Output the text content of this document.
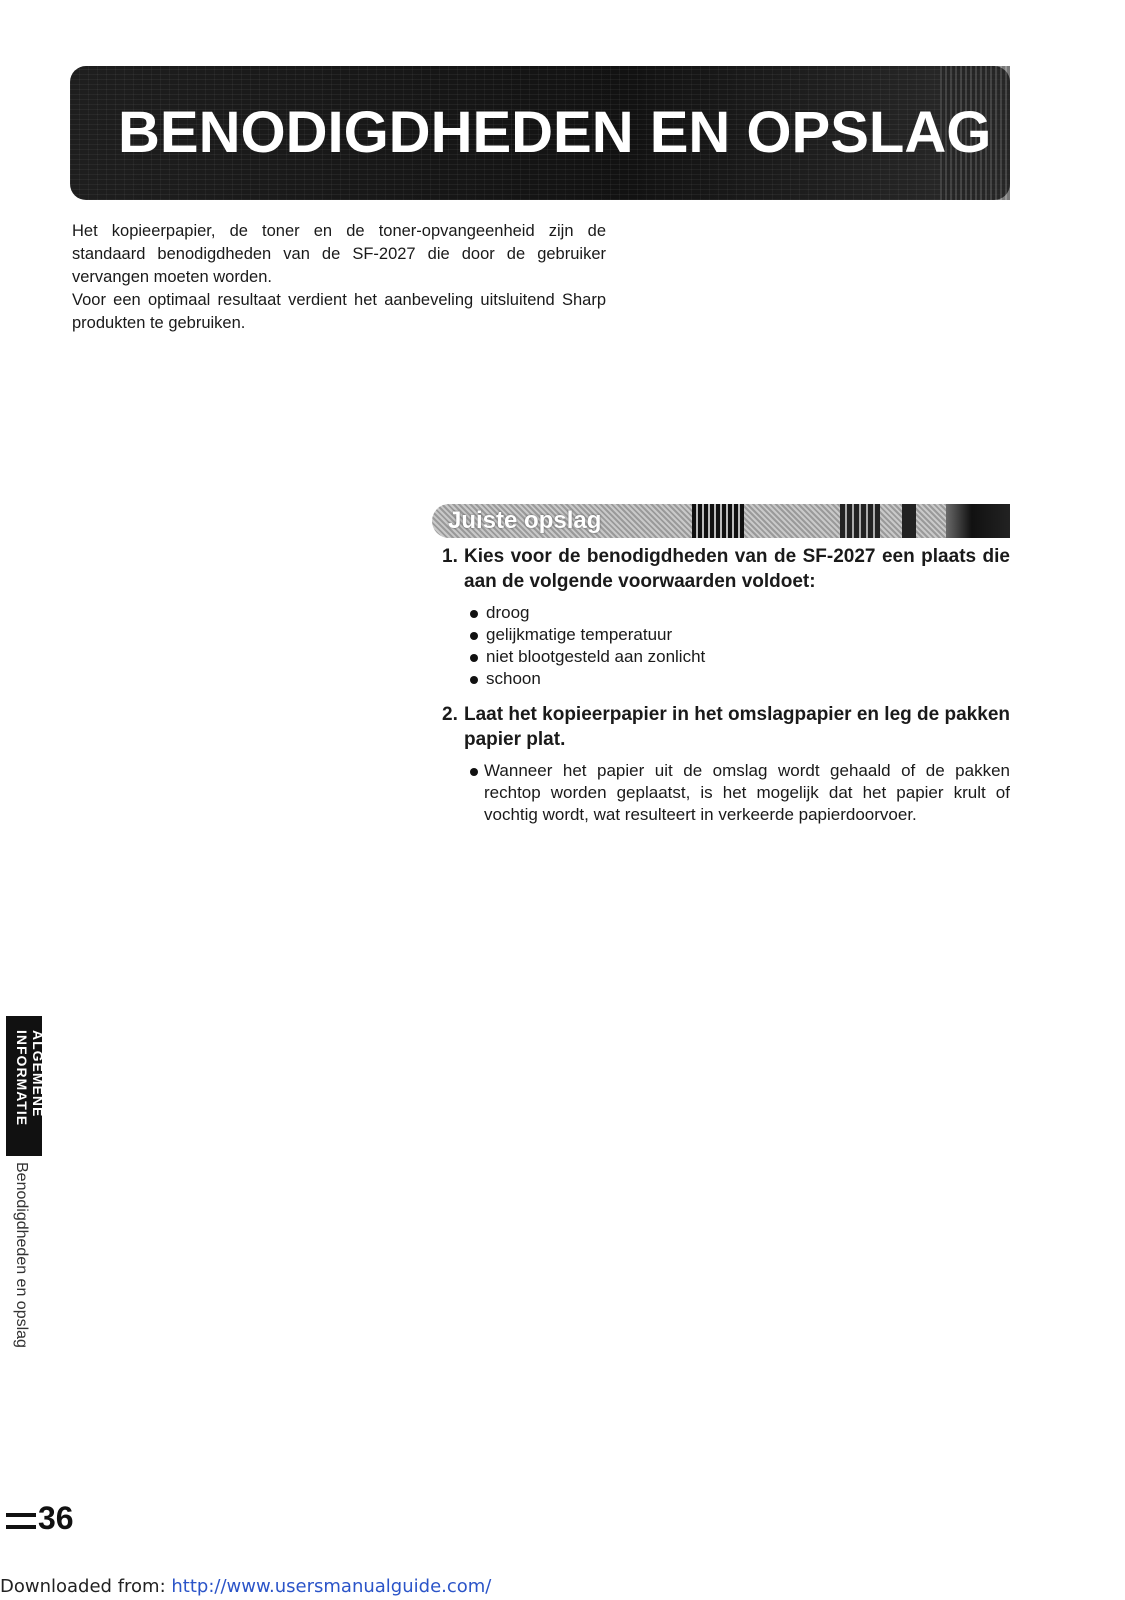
BENODIGDHEDEN EN OPSLAG

Het kopieerpapier, de toner en de toner-opvangeenheid zijn de standaard benodigdheden van de SF-2027 die door de gebruiker vervangen moeten worden.

Voor een optimaal resultaat verdient het aanbeveling uitsluitend Sharp produkten te gebruiken.

Juiste opslag
1. Kies voor de benodigdheden van de SF-2027 een plaats die aan de volgende voorwaarden voldoet:
droog
gelijkmatige temperatuur
niet blootgesteld aan zonlicht
schoon
2. Laat het kopieerpapier in het omslagpapier en leg de pakken papier plat.

Wanneer het papier uit de omslag wordt gehaald of de pakken rechtop worden geplaatst, is het mogelijk dat het papier krult of vochtig wordt, wat resulteert in verkeerde papierdoorvoer.

ALGEMENE INFORMATIE
Benodigdheden en opslag
36
Downloaded from: http://www.usersmanualguide.com/
